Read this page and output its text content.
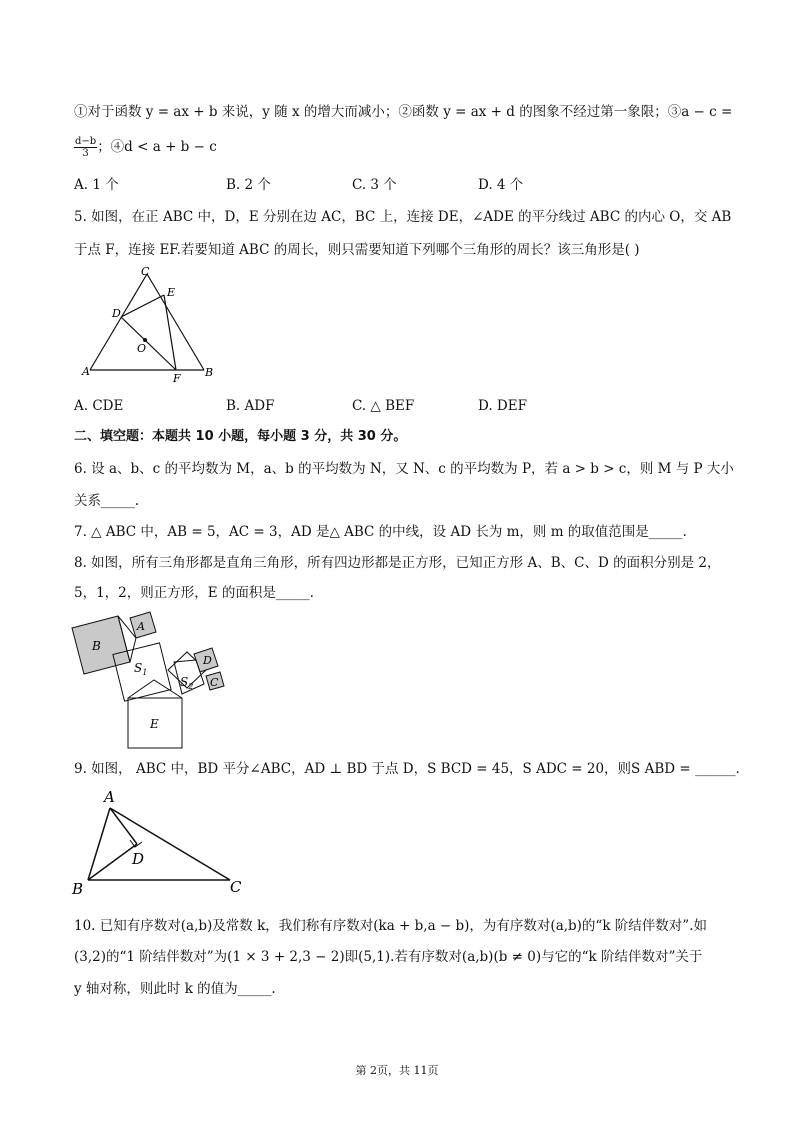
①对于函数 y = ax + b 来说，y 随 x 的增大而减小；②函数 y = ax + d 的图象不经过第一象限；③a − c =
$\frac{d-b}{3}$ ；④d < a + b − c
A. 1 个	B. 2 个	C. 3 个	D. 4 个
5. 如图，在正 ABC 中，D，E 分别在边 AC，BC 上，连接 DE，∠ADE 的平分线过 ABC 的内心 O，交 AB
于点 F，连接 EF.若要知道 ABC 的周长，则只需要知道下列哪个三角形的周长？该三角形是( )
C
E
D
O
A
F B
A. CDE	B. ADF	C. △ BEF	D. DEF
二、填空题：本题共 10 小题，每小题 3 分，共 30 分。
6. 设 a、b、c 的平均数为 M，a、b 的平均数为 N，又 N、c 的平均数为 P，若 a > b > c，则 M 与 P 大小
关系_____.
7. △ ABC 中，AB = 5，AC = 3，AD 是△ ABC 的中线，设 AD 长为 m，则 m 的取值范围是_____.
8. 如图，所有三角形都是直角三角形，所有四边形都是正方形，已知正方形 A、B、C、D 的面积分别是 2，
5，1，2，则正方形，E 的面积是_____.
B
A
$S_1$
$S_2$
D
C
E
9. 如图， ABC 中，BD 平分∠ABC，AD ⊥ BD 于点 D，S BCD = 45，S ADC = 20，则S ABD = ______.
A
D
B	C
10. 已知有序数对(a,b)及常数 k，我们称有序数对(ka + b,a − b)，为有序数对(a,b)的“k 阶结伴数对”.如
(3,2)的“1 阶结伴数对”为(1 × 3 + 2,3 − 2)即(5,1).若有序数对(a,b)(b ≠ 0)与它的“k 阶结伴数对”关于
y 轴对称，则此时 k 的值为_____.
第 2页，共 11页
